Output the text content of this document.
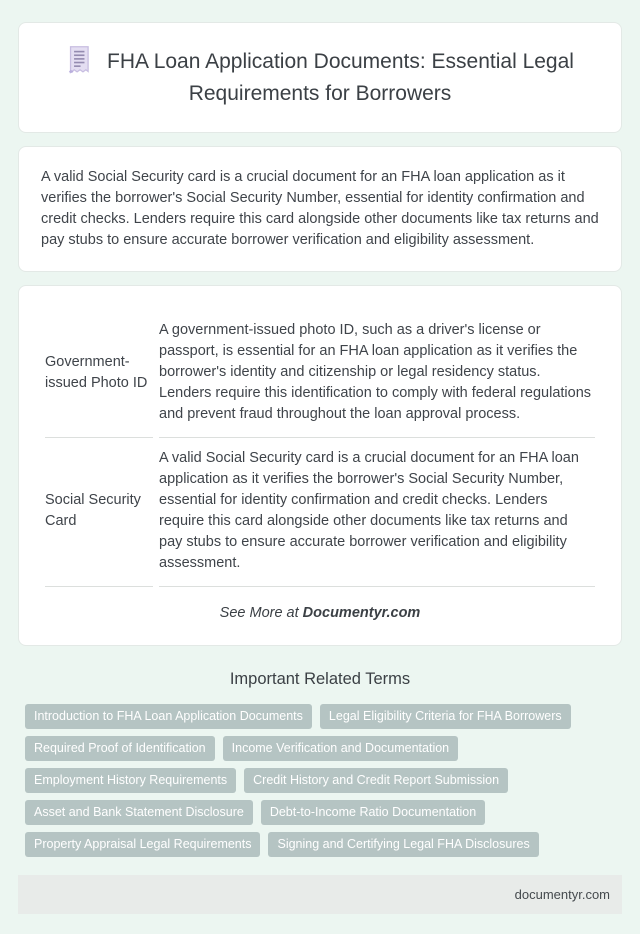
FHA Loan Application Documents: Essential Legal Requirements for Borrowers
A valid Social Security card is a crucial document for an FHA loan application as it verifies the borrower's Social Security Number, essential for identity confirmation and credit checks. Lenders require this card alongside other documents like tax returns and pay stubs to ensure accurate borrower verification and eligibility assessment.
Government-issued Photo ID	A government-issued photo ID, such as a driver's license or passport, is essential for an FHA loan application as it verifies the borrower's identity and citizenship or legal residency status. Lenders require this identification to comply with federal regulations and prevent fraud throughout the loan approval process.
Social Security Card	A valid Social Security card is a crucial document for an FHA loan application as it verifies the borrower's Social Security Number, essential for identity confirmation and credit checks. Lenders require this card alongside other documents like tax returns and pay stubs to ensure accurate borrower verification and eligibility assessment.
See More at Documentyr.com
Important Related Terms
Introduction to FHA Loan Application Documents	Legal Eligibility Criteria for FHA Borrowers
Required Proof of Identification	Income Verification and Documentation
Employment History Requirements	Credit History and Credit Report Submission
Asset and Bank Statement Disclosure	Debt-to-Income Ratio Documentation
Property Appraisal Legal Requirements	Signing and Certifying Legal FHA Disclosures
documentyr.com
